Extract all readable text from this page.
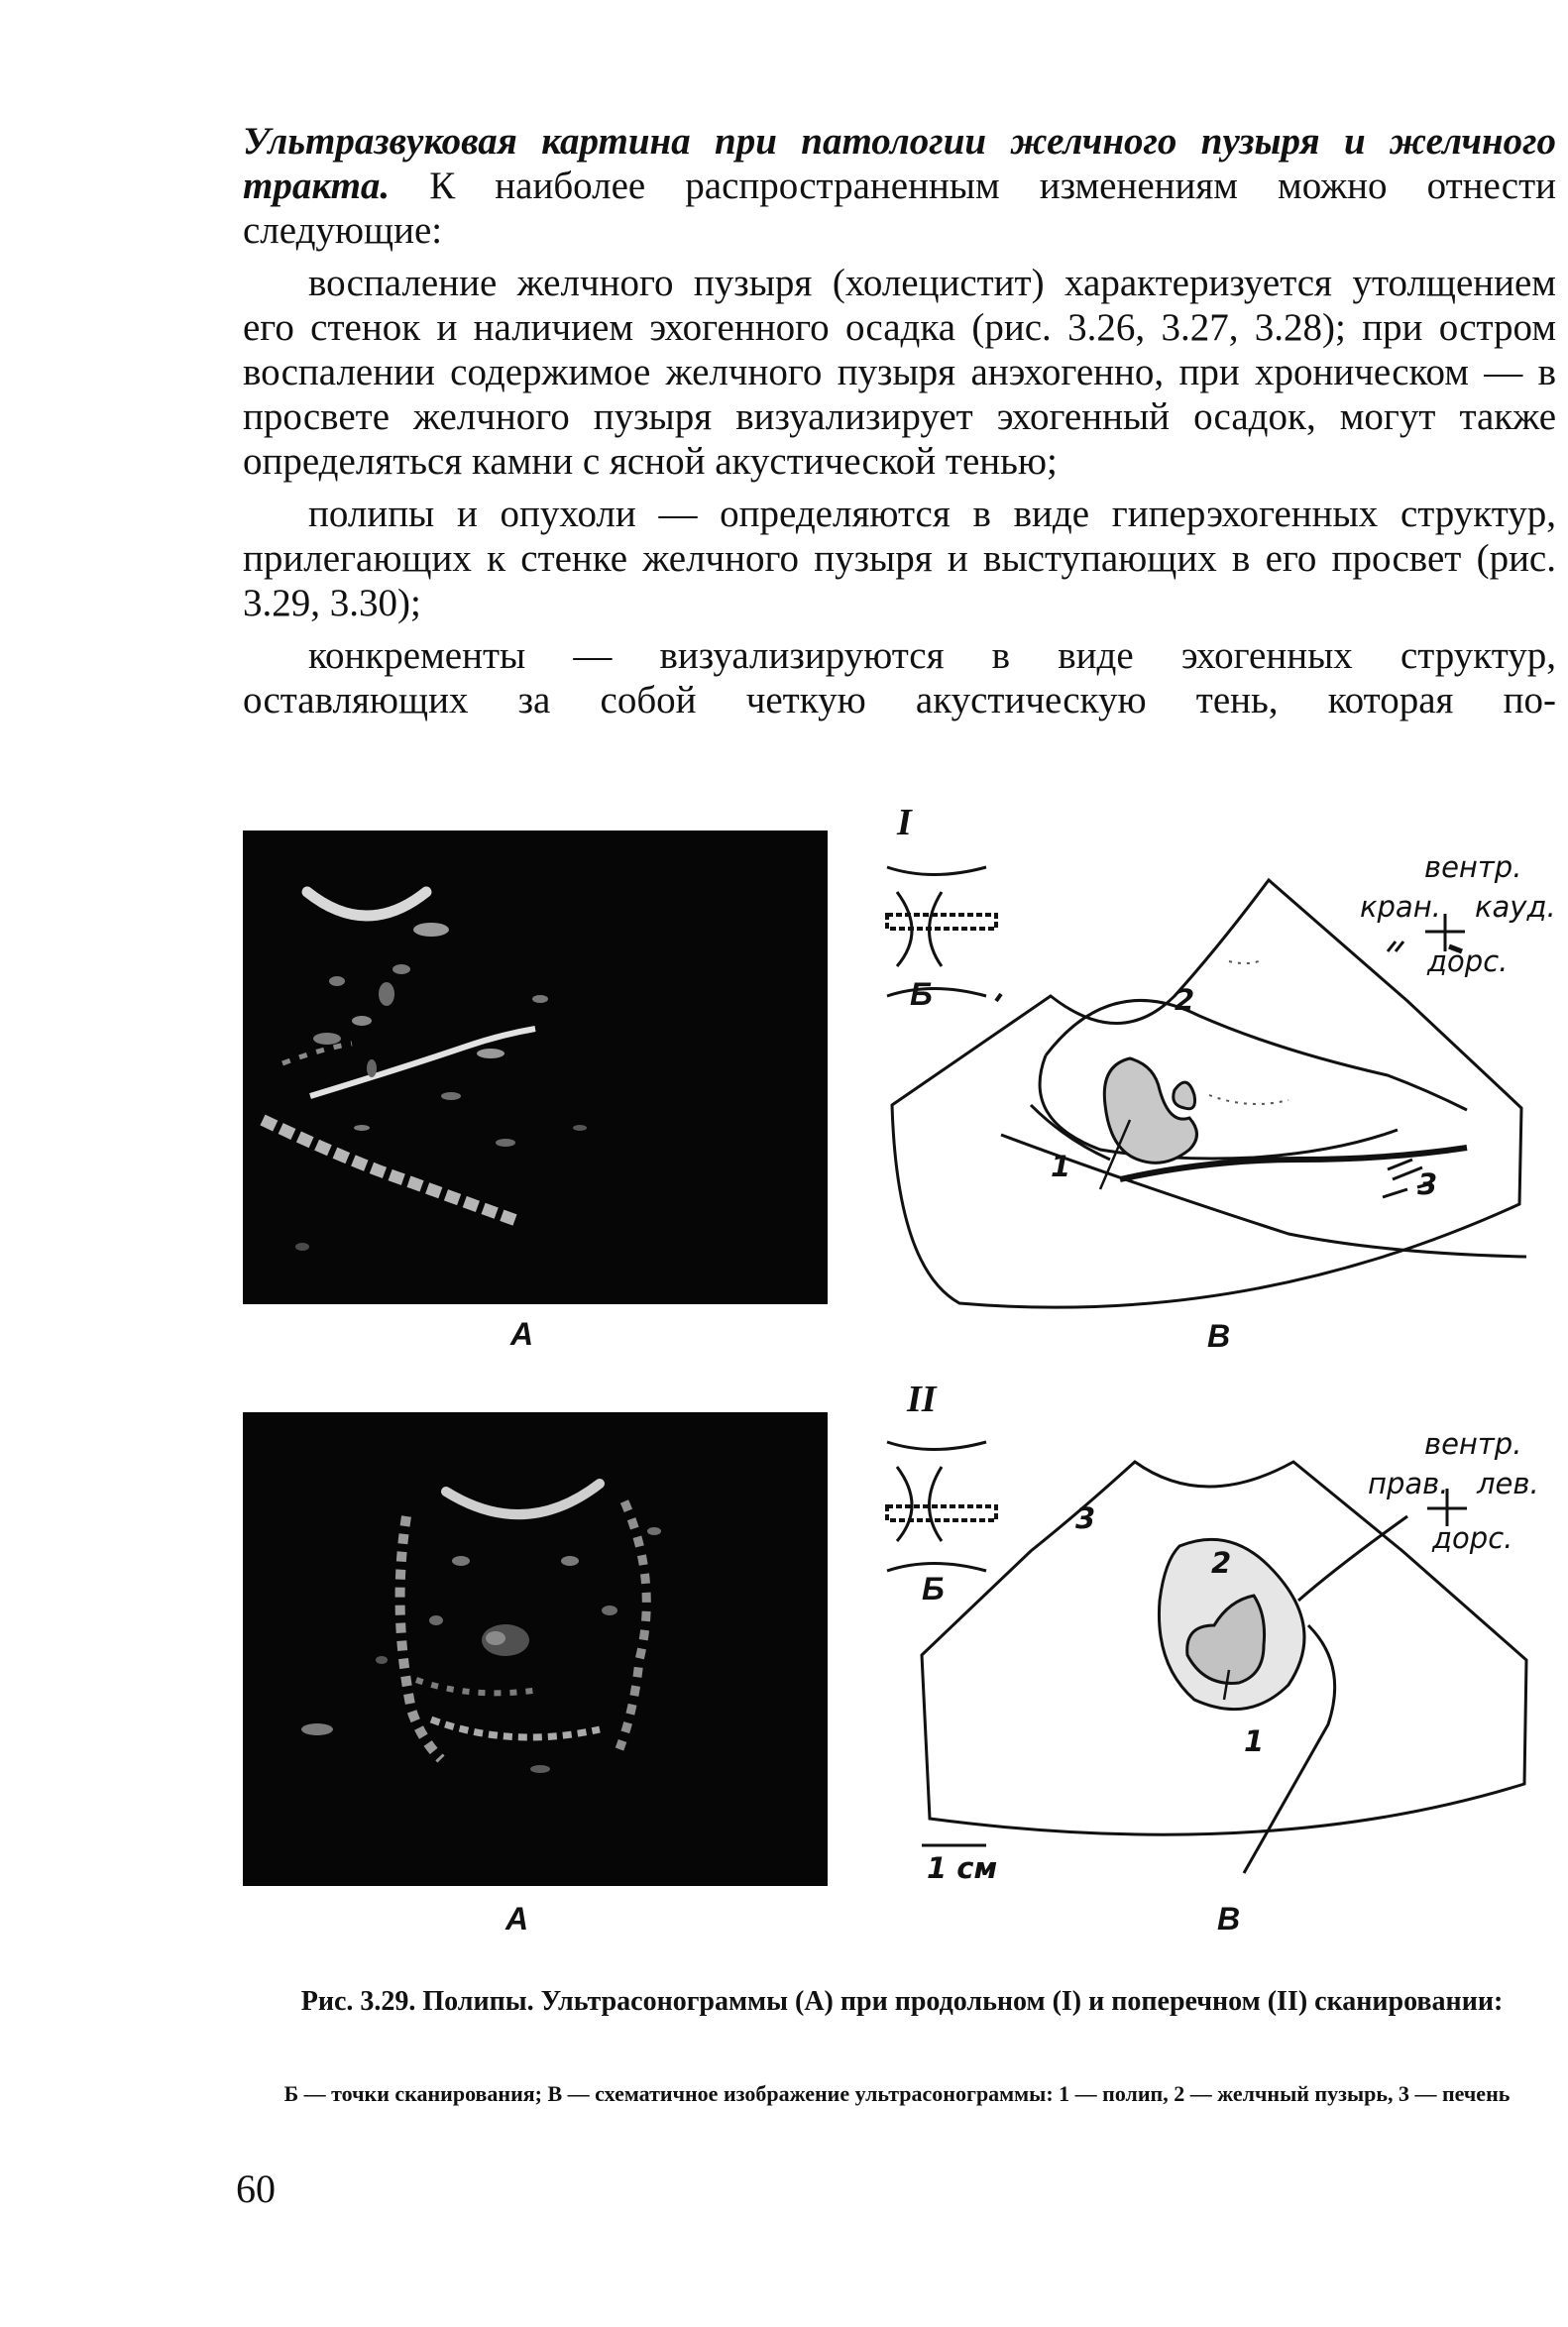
Ультразвуковая картина при патологии желчного пузыря и желчного тракта. К наиболее распространенным изменениям можно отнести следующие:

воспаление желчного пузыря (холецистит) характеризуется утолщением его стенок и наличием эхогенного осадка (рис. 3.26, 3.27, 3.28); при остром воспалении содержимое желчного пузыря анэхогенно, при хроническом — в просвете желчного пузыря визуализирует эхогенный осадок, могут также определяться камни с ясной акустической тенью;

полипы и опухоли — определяются в виде гиперэхогенных структур, прилегающих к стенке желчного пузыря и выступающих в его просвет (рис. 3.29, 3.30);

конкременты — визуализируются в виде эхогенных структур, оставляющих за собой четкую акустическую тень, которая по-

I
А
вентр.
кран. кауд.
дорс.
Б	2
1
3
В
II
А
вентр.
прав. лев.
дорс.
Б
3
2
1
1 см
В
Рис. 3.29. Полипы. Ультрасонограммы (А) при продольном (I) и поперечном (II) сканировании:
Б — точки сканирования; В — схематичное изображение ультрасонограммы: 1 — полип, 2 — желчный пузырь, 3 — печень
60
